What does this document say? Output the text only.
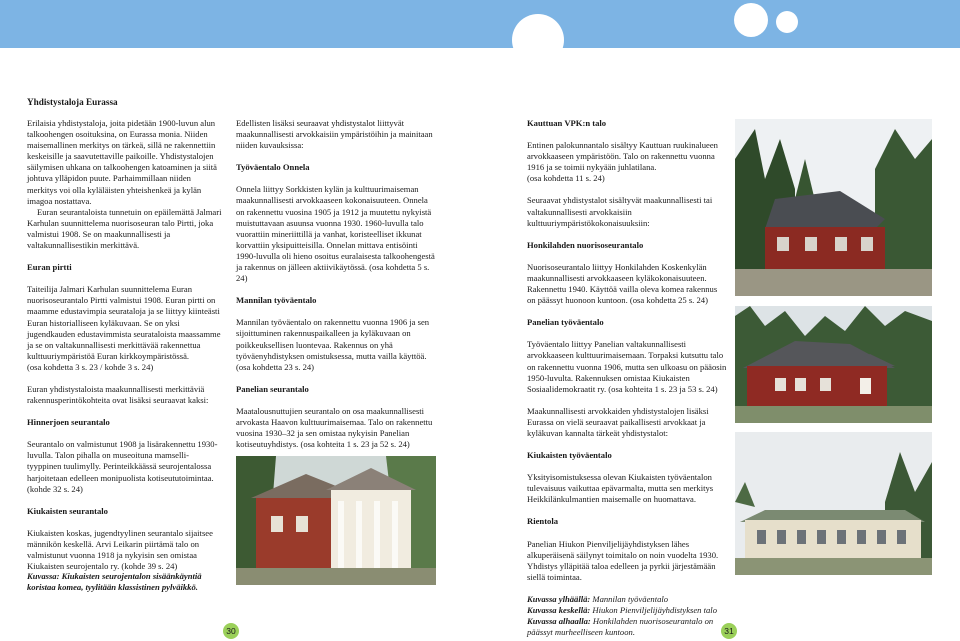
Yhdistystaloja Eurassa

Erilaisia yhdistystaloja, joita pidetään 1900-luvun alun talkoohengen osoituksina, on Eurassa monia. Niiden maisemallinen merkitys on tärkeä, sillä ne rakennettiin keskeisille ja saavutettaville paikoille. Yhdistystalojen säilymisen uhkana on talkoohengen katoaminen ja siitä johtuva ylläpidon puute. Parhaimmillaan niiden merkitys voi olla kyläläisten yhteishenkeä ja kylän imagoa nostattava.

Euran seurantaloista tunnetuin on epäilemättä Jalmari Karhulan suunnittelema nuorisoseuran talo Pirtti, joka valmistui 1908. Se on maakunnallisesti ja valtakunnallisestikin merkittävä.

Euran pirtti

Taiteilija Jalmari Karhulan suunnittelema Euran nuorisoseurantalo Pirtti valmistui 1908. Euran pirtti on maamme edustavimpia seurataloja ja se liittyy kiinteästi Euran historialliseen kyläkuvaan. Se on yksi jugendkauden edustavimmista seurataloista maassamme ja se on valtakunnallisesti merkittävää rakennettua kulttuuriympäristöä Euran kirkkoympäristössä.
(osa kohdetta 3 s. 23 / kohde 3 s. 24)

Euran yhdistystaloista maakunnallisesti merkittäviä rakennusperintökohteita ovat lisäksi seuraavat kaksi:

Hinnerjoen seurantalo

Seurantalo on valmistunut 1908 ja lisärakennettu 1930-luvulla. Talon pihalla on museoituna mamselli-tyyppinen tuulimylly. Perinteikkäässä seurojentalossa harjoitetaan edelleen monipuolista kotiseututoimintaa. (kohde 32 s. 24)

Kiukaisten seurantalo

Kiukaisten koskas, jugendtyylinen seurantalo sijaitsee männikön keskellä. Arvi Leikarin piirtämä talo on valmistunut vuonna 1918 ja nykyisin sen omistaa Kiukaisten seurojentalo ry. (kohde 39 s. 24)

Kuvassa: Kiukaisten seurojentalon sisäänkäyntiä koristaa komea, tyylitään klassistinen pylväikkö.

Edellisten lisäksi seuraavat yhdistystalot liittyvät maakunnallisesti arvokkaisiin ympäristöihin ja mainitaan niiden kuvauksissa:

Työväentalo Onnela

Onnela liittyy Sorkkisten kylän ja kulttuurimaiseman maakunnallisesti arvokkaaseen kokonaisuuteen. Onnela on rakennettu vuosina 1905 ja 1912 ja muutettu nykyistä muistuttavaan asuunsa vuonna 1930. 1960-luvulla talo vuorattiin mineriittillä ja vanhat, koristeelliset ikkunat korvattiin yksipuitteisilla. Onnelan mittava entisöinti 1990-luvulla oli hieno osoitus euralaisesta talkoohengestä ja rakennus on jälleen aktiivikäytössä. (osa kohdetta 5 s. 24)

Mannilan työväentalo

Mannilan työväentalo on rakennettu vuonna 1906 ja sen sijoittuminen rakennuspaikalleen ja kyläkuvaan on poikkeuksellisen luontevaa. Rakennus on yhä työväenyhdistyksen omistuksessa, mutta vailla käyttöä. (osa kohdetta 23 s. 24)

Panelian seurantalo

Maatalousnuttujien seurantalo on osa maakunnallisesti arvokasta Haavon kulttuurimaisemaa. Talo on rakennettu vuosina 1930–32 ja sen omistaa nykyisin Panelian kotiseutuyhdistys. (osa kohteita 1 s. 23 ja 52 s. 24)

Kauttuan VPK:n talo

Entinen palokunnantalo sisältyy Kauttuan ruukinalueen arvokkaaseen ympäristöön. Talo on rakennettu vuonna 1916 ja se toimii nykyään juhlatilana.
(osa kohdetta 11 s. 24)

Seuraavat yhdistystalot sisältyvät maakunnallisesti tai valtakunnallisesti arvokkaisiin kulttuuriympäristökokonaisuuksiin:

Honkilahden nuorisoseurantalo

Nuorisoseurantalo liittyy Honkilahden Koskenkylän maakunnallisesti arvokkaaseen kyläkokonaisuuteen. Rakennettu 1940. Käyttöä vailla oleva komea rakennus on päässyt huonoon kuntoon. (osa kohdetta 25 s. 24)

Panelian työväentalo

Työväentalo liittyy Panelian valtakunnallisesti arvokkaaseen kulttuurimaisemaan. Torpaksi kutsuttu talo on rakennettu vuonna 1906, mutta sen ulkoasu on pääosin 1950-luvulta. Rakennuksen omistaa Kiukaisten Sosiaalidemokraatit ry. (osa kohteita 1 s. 23 ja 53 s. 24)

Maakunnallisesti arvokkaiden yhdistystalojen lisäksi Eurassa on vielä seuraavat paikallisesti arvokkaat ja kyläkuvan kannalta tärkeät yhdistystalot:

Kiukaisten työväentalo

Yksityisomistuksessa olevan Kiukaisten työväentalon tulevaisuus vaikuttaa epävarmalta, mutta sen merkitys Heikkilänkulmantien maisemalle on huomattava.

Rientola

Panelian Hiukon Pienviljelijäyhdistyksen lähes alkuperäisenä säilynyt toimitalo on noin vuodelta 1930. Yhdistys ylläpitää taloa edelleen ja pyrkii järjestämään siellä toimintaa.

Kuvassa ylhäällä: Mannilan työväentalo
Kuvassa keskellä: Hiukon Pienviljelijäyhdistyksen talo
Kuvassa alhaalla: Honkilahden nuorisoseurantalo on päässyt murheelliseen kuntoon.
30	31
